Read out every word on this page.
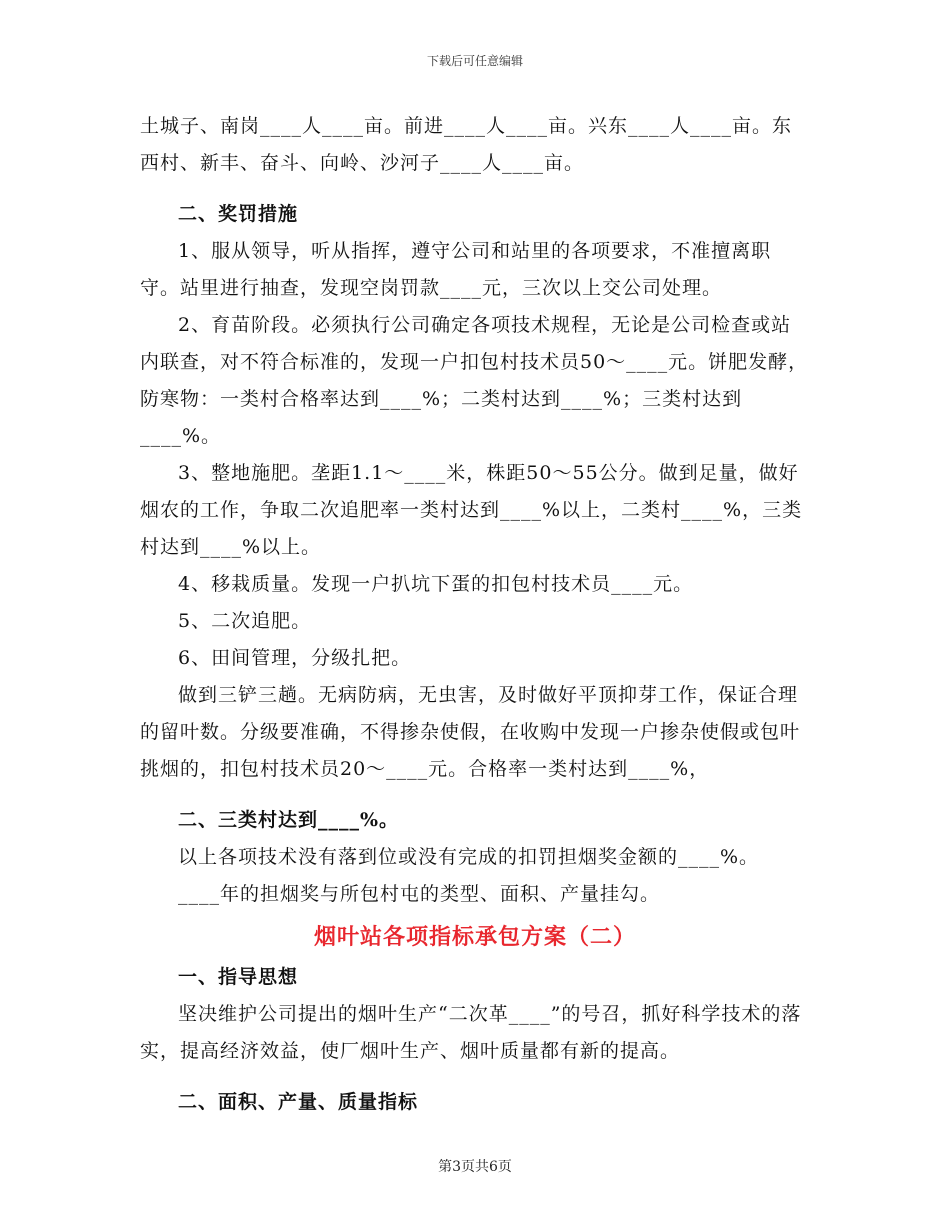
下载后可任意编辑

土城子、南岗____人____亩。前进____人____亩。兴东____人____亩。东西村、新丰、奋斗、向岭、沙河子____人____亩。

二、奖罚措施

1、服从领导，听从指挥，遵守公司和站里的各项要求，不准擅离职守。站里进行抽查，发现空岗罚款____元，三次以上交公司处理。

2、育苗阶段。必须执行公司确定各项技术规程，无论是公司检查或站内联查，对不符合标准的，发现一户扣包村技术员50～____元。饼肥发酵，防寒物：一类村合格率达到____%；二类村达到____%；三类村达到____%。

3、整地施肥。垄距1.1～____米，株距50～55公分。做到足量，做好烟农的工作，争取二次追肥率一类村达到____%以上，二类村____%，三类村达到____%以上。

4、移栽质量。发现一户扒坑下蛋的扣包村技术员____元。

5、二次追肥。

6、田间管理，分级扎把。

做到三铲三趟。无病防病，无虫害，及时做好平顶抑芽工作，保证合理的留叶数。分级要准确，不得掺杂使假，在收购中发现一户掺杂使假或包叶挑烟的，扣包村技术员20～____元。合格率一类村达到____%，

二、三类村达到____%。

以上各项技术没有落到位或没有完成的扣罚担烟奖金额的____%。

____年的担烟奖与所包村屯的类型、面积、产量挂勾。

烟叶站各项指标承包方案（二）
一、指导思想

坚决维护公司提出的烟叶生产“二次革____”的号召，抓好科学技术的落实，提高经济效益，使厂烟叶生产、烟叶质量都有新的提高。

二、面积、产量、质量指标
第3页共6页
